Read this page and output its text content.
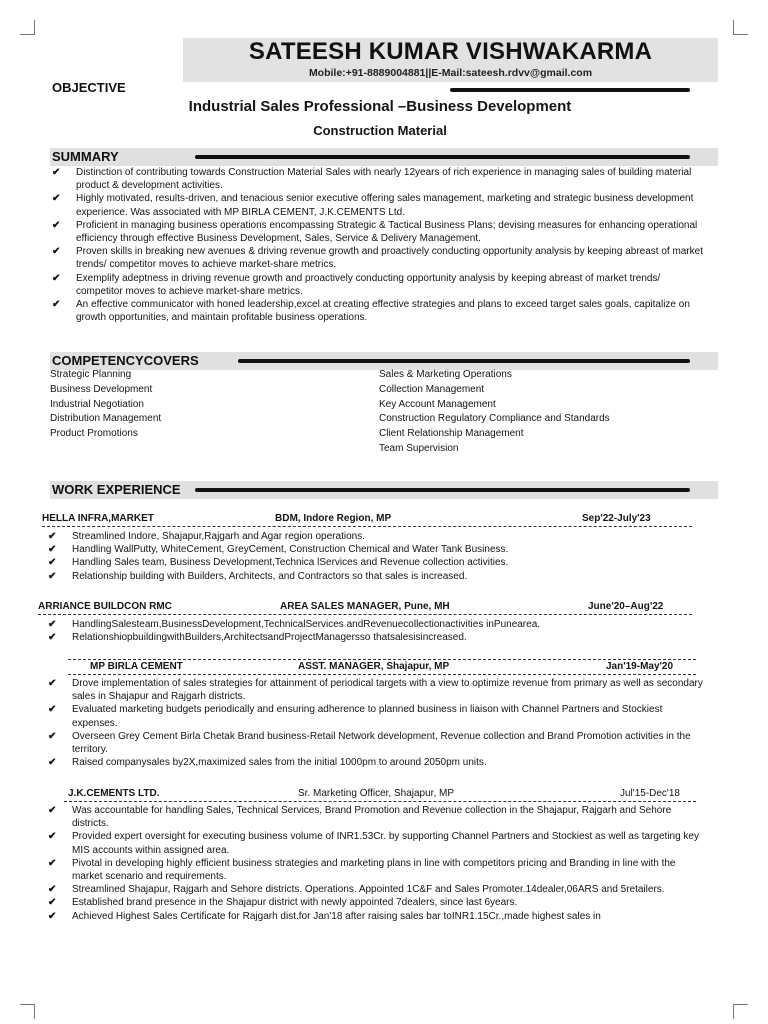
SATEESH KUMAR VISHWAKARMA
Mobile:+91-8889004881||E-Mail:sateesh.rdvv@gmail.com
OBJECTIVE
Industrial Sales Professional –Business Development
Construction Material
SUMMARY
✔ Distinction of contributing towards Construction Material Sales with nearly 12years of rich experience in managing sales of building material product & development activities.
✔ Highly motivated, results-driven, and tenacious senior executive offering sales management, marketing and strategic business development experience. Was associated with MP BIRLA CEMENT, J.K.CEMENTS Ltd.
✔ Proficient in managing business operations encompassing Strategic & Tactical Business Plans; devising measures for enhancing operational efficiency through effective Business Development, Sales, Service & Delivery Management.
✔ Proven skills in breaking new avenues & driving revenue growth and proactively conducting opportunity analysis by keeping abreast of market trends/ competitor moves to achieve market-share metrics.
✔ Exemplify adeptness in driving revenue growth and proactively conducting opportunity analysis by keeping abreast of market trends/ competitor moves to achieve market-share metrics.
✔ An effective communicator with honed leadership,excel at creating effective strategies and plans to exceed target sales goals, capitalize on growth opportunities, and maintain profitable business operations.
COMPETENCYCOVERS
Strategic Planning
Business Development
Industrial Negotiation
Distribution Management
Product Promotions
Sales & Marketing Operations
Collection Management
Key Account Management
Construction Regulatory Compliance and Standards
Client Relationship Management
Team Supervision
WORK EXPERIENCE
HELLA INFRA,MARKET	BDM, Indore Region, MP	Sep'22-July'23
✔ Streamlined Indore, Shajapur,Rajgarh and Agar region operations.
✔ Handling WallPutty, WhiteCement, GreyCement, Construction Chemical and Water Tank Business.
✔ Handling Sales team, Business Development,Technica lServices and Revenue collection activities.
✔ Relationship building with Builders, Architects, and Contractors so that sales is increased.
ARRIANCE BUILDCON RMC	AREA SALES MANAGER, Pune, MH	June'20–Aug'22
✔ HandlingSalesteam,BusinessDevelopment,TechnicalServices andRevenuecollectionactivities inPunearea.
✔ RelationshiopbuildingwithBuilders,ArchitectsandProjectManagersso thatsalesisincreased.
MP BIRLA CEMENT	ASST. MANAGER, Shajapur, MP	Jan'19-May'20
✔ Drove implementation of sales strategies for attainment of periodical targets with a view to optimize revenue from primary as well as secondary sales in Shajapur and Rajgarh districts.
✔ Evaluated marketing budgets periodically and ensuring adherence to planned business in liaison with Channel Partners and Stockiest expenses.
✔ Overseen Grey Cement Birla Chetak Brand business-Retail Network development, Revenue collection and Brand Promotion activities in the territory.
✔ Raised companysales by2X,maximized sales from the initial 1000pm to around 2050pm units.
J.K.CEMENTS LTD.	Sr. Marketing Officer, Shajapur, MP	Jul'15-Dec'18
✔ Was accountable for handling Sales, Technical Services, Brand Promotion and Revenue collection in the Shajapur, Rajgarh and Sehore districts.
✔ Provided expert oversight for executing business volume of INR1.53Cr. by supporting Channel Partners and Stockiest as well as targeting key MIS accounts within assigned area.
✔ Pivotal in developing highly efficient business strategies and marketing plans in line with competitors pricing and Branding in line with the market scenario and requirements.
✔ Streamlined Shajapur, Rajgarh and Sehore districts. Operations. Appointed 1C&F and Sales Promoter.14dealer,06ARS and 5retailers.
✔ Established brand presence in the Shajapur district with newly appointed 7dealers, since last 6years.
✔ Achieved Highest Sales Certificate for Rajgarh dist.for Jan'18 after raising sales bar toINR1.15Cr.,made highest sales in
